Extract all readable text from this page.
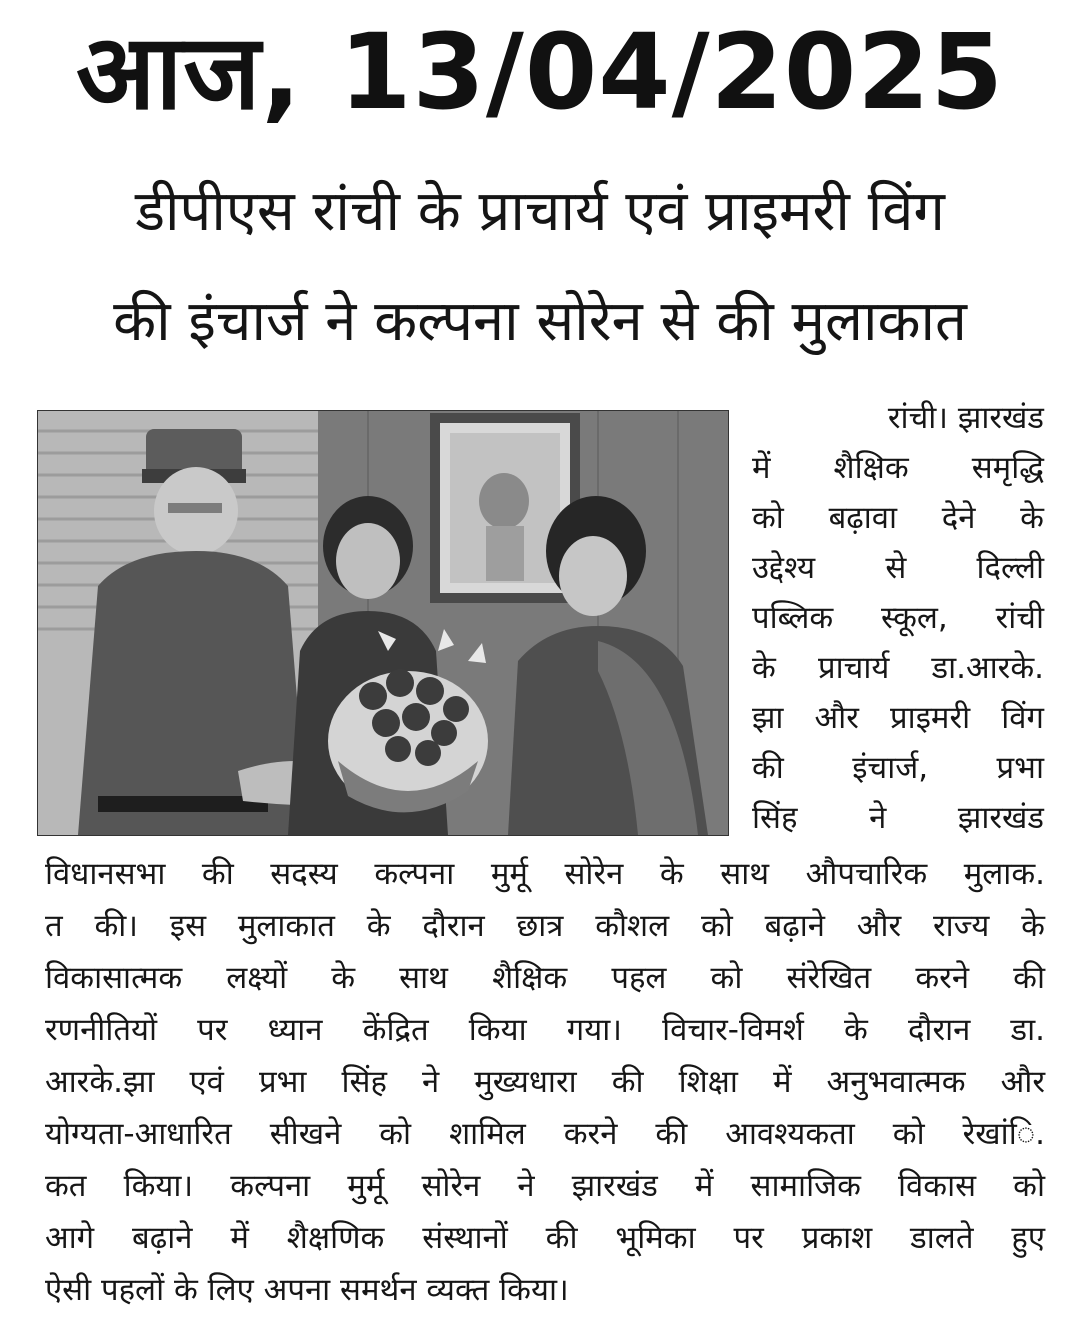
आज, 13/04/2025
डीपीएस रांची के प्राचार्य एवं प्राइमरी विंग
की इंचार्ज ने कल्पना सोरेन से की मुलाकात
रांची। झारखंड
में शैक्षिक समृद्धि
को बढ़ावा देने के
उद्देश्य से दिल्ली
पब्लिक स्कूल, रांची
के प्राचार्य डा.आरके.
झा और प्राइमरी विंग
की इंचार्ज, प्रभा
सिंह ने झारखंड
विधानसभा की सदस्य कल्पना मुर्मू सोरेन के साथ औपचारिक मुलाक.
त की। इस मुलाकात के दौरान छात्र कौशल को बढ़ाने और राज्य के
विकासात्मक लक्ष्यों के साथ शैक्षिक पहल को संरेखित करने की
रणनीतियों पर ध्यान केंद्रित किया गया। विचार-विमर्श के दौरान डा.
आरके.झा एवं प्रभा सिंह ने मुख्यधारा की शिक्षा में अनुभवात्मक और
योग्यता-आधारित सीखने को शामिल करने की आवश्यकता को रेखांि.
कत किया। कल्पना मुर्मू सोरेन ने झारखंड में सामाजिक विकास को
आगे बढ़ाने में शैक्षणिक संस्थानों की भूमिका पर प्रकाश डालते हुए
ऐसी पहलों के लिए अपना समर्थन व्यक्त किया।
